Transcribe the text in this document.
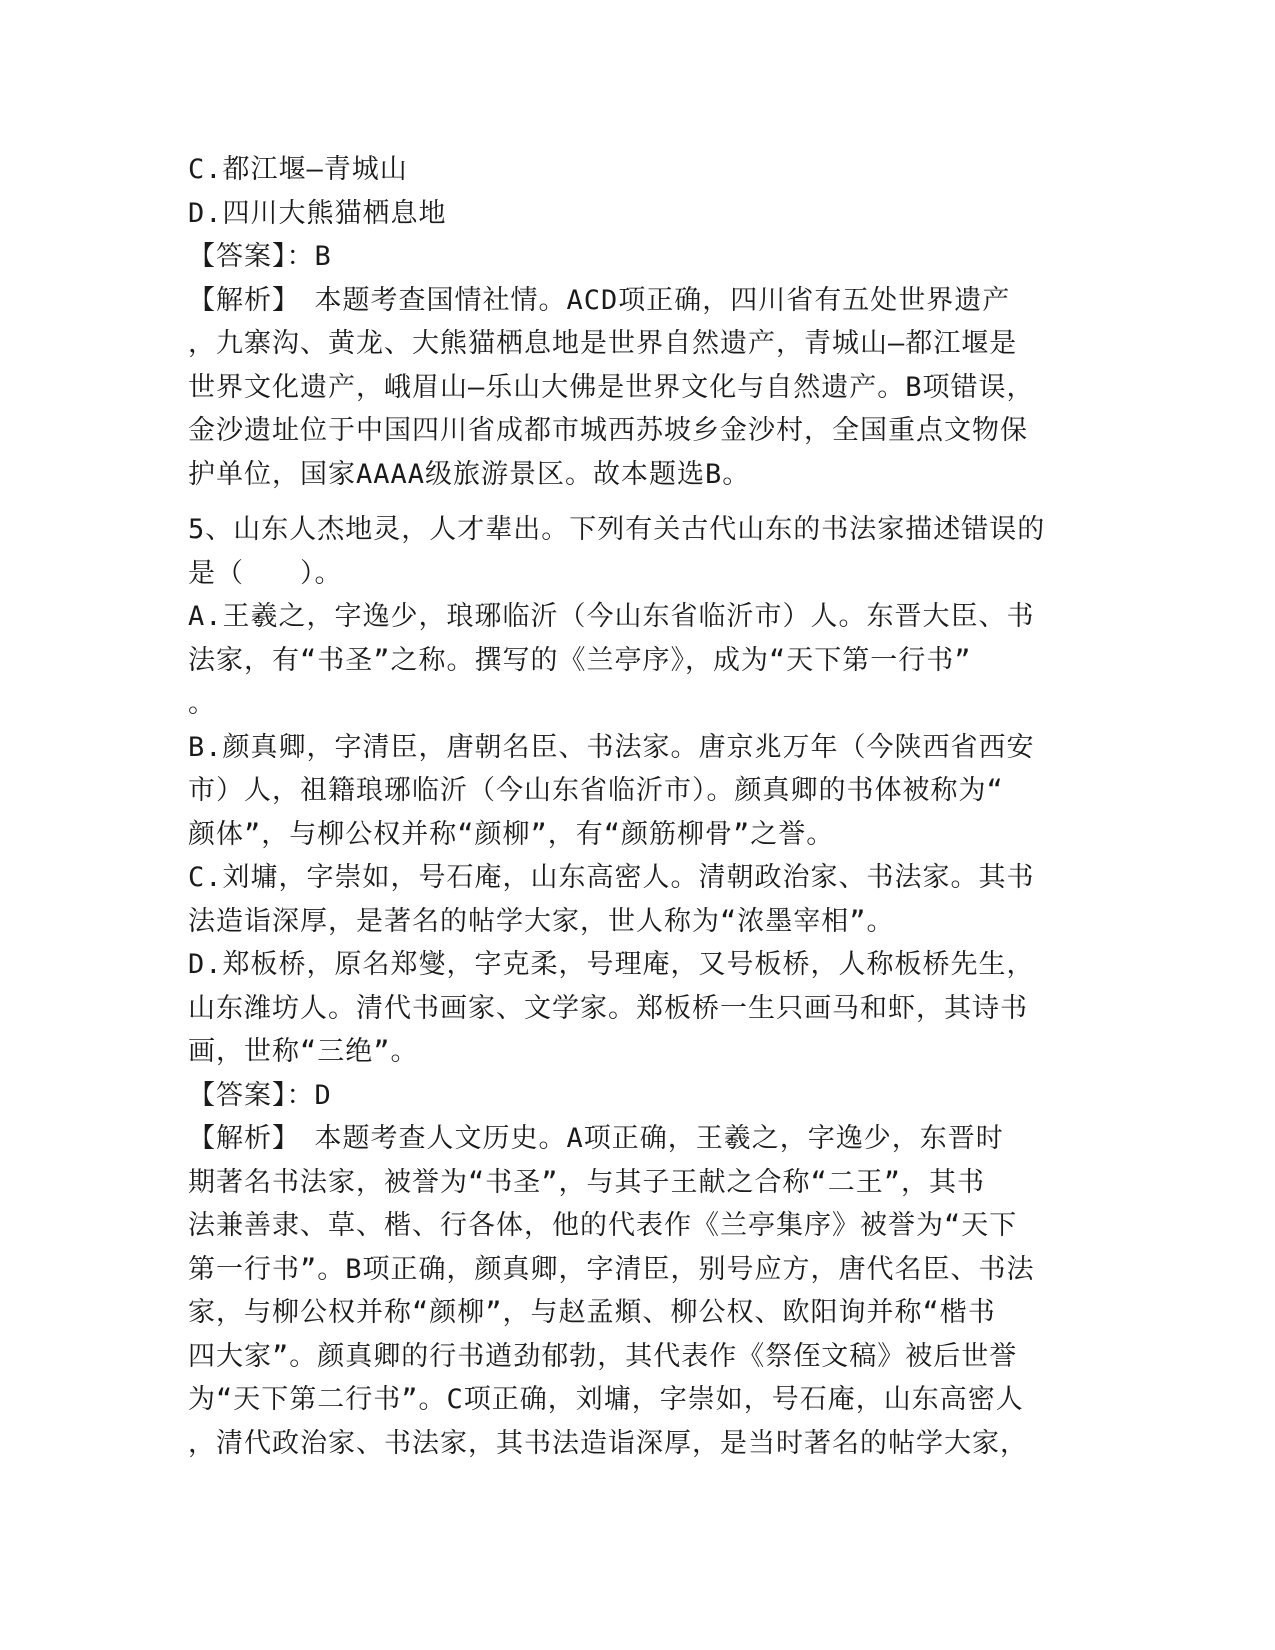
C.都江堰—青城山
D.四川大熊猫栖息地
【答案】：B
【解析】　本题考查国情社情。ACD项正确，四川省有五处世界遗产
，九寨沟、黄龙、大熊猫栖息地是世界自然遗产，青城山—都江堰是
世界文化遗产，峨眉山—乐山大佛是世界文化与自然遗产。B项错误，
金沙遗址位于中国四川省成都市城西苏坡乡金沙村，全国重点文物保
护单位，国家AAAA级旅游景区。故本题选B。
5、山东人杰地灵，人才辈出。下列有关古代山东的书法家描述错误的
是（　　）。
A.王羲之，字逸少，琅琊临沂（今山东省临沂市）人。东晋大臣、书
法家，有“书圣”之称。撰写的《兰亭序》，成为“天下第一行书”
。
B.颜真卿，字清臣，唐朝名臣、书法家。唐京兆万年（今陕西省西安
市）人，祖籍琅琊临沂（今山东省临沂市）。颜真卿的书体被称为“
颜体”，与柳公权并称“颜柳”，有“颜筋柳骨”之誉。
C.刘墉，字崇如，号石庵，山东高密人。清朝政治家、书法家。其书
法造诣深厚，是著名的帖学大家，世人称为“浓墨宰相”。
D.郑板桥，原名郑燮，字克柔，号理庵，又号板桥，人称板桥先生，
山东潍坊人。清代书画家、文学家。郑板桥一生只画马和虾，其诗书
画，世称“三绝”。
【答案】：D
【解析】　本题考查人文历史。A项正确，王羲之，字逸少，东晋时
期著名书法家，被誉为“书圣”，与其子王献之合称“二王”，其书
法兼善隶、草、楷、行各体，他的代表作《兰亭集序》被誉为“天下
第一行书”。B项正确，颜真卿，字清臣，别号应方，唐代名臣、书法
家，与柳公权并称“颜柳”，与赵孟頫、柳公权、欧阳询并称“楷书
四大家”。颜真卿的行书遒劲郁勃，其代表作《祭侄文稿》被后世誉
为“天下第二行书”。C项正确，刘墉，字崇如，号石庵，山东高密人
，清代政治家、书法家，其书法造诣深厚，是当时著名的帖学大家，
